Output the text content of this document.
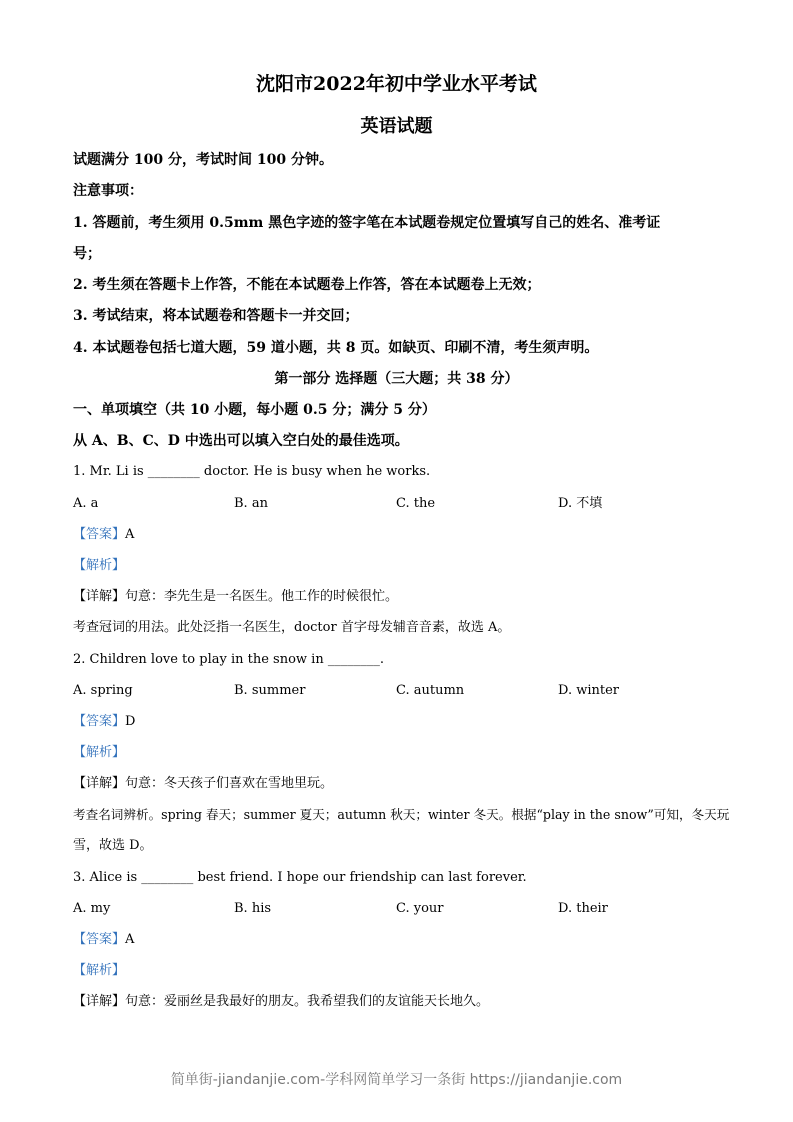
沈阳市2022年初中学业水平考试
英语试题
试题满分 100 分，考试时间 100 分钟。
注意事项：
1. 答题前，考生须用 0.5mm 黑色字迹的签字笔在本试题卷规定位置填写自己的姓名、准考证
号；
2. 考生须在答题卡上作答，不能在本试题卷上作答，答在本试题卷上无效；
3. 考试结束，将本试题卷和答题卡一并交回；
4. 本试题卷包括七道大题，59 道小题，共 8 页。如缺页、印刷不清，考生须声明。
第一部分 选择题（三大题；共 38 分）
一、单项填空（共 10 小题，每小题 0.5 分；满分 5 分）
从 A、B、C、D 中选出可以填入空白处的最佳选项。
1. Mr. Li is ________ doctor. He is busy when he works.
A. a	B. an	C. the	D. 不填
【答案】A
【解析】
【详解】句意：李先生是一名医生。他工作的时候很忙。
考查冠词的用法。此处泛指一名医生，doctor 首字母发辅音音素，故选 A。
2. Children love to play in the snow in ________.
A. spring	B. summer	C. autumn	D. winter
【答案】D
【解析】
【详解】句意：冬天孩子们喜欢在雪地里玩。
考查名词辨析。spring 春天；summer 夏天；autumn 秋天；winter 冬天。根据“play in the snow”可知，冬天玩
雪，故选 D。
3. Alice is ________ best friend. I hope our friendship can last forever.
A. my	B. his	C. your	D. their
【答案】A
【解析】
【详解】句意：爱丽丝是我最好的朋友。我希望我们的友谊能天长地久。
简单街-jiandanjie.com-学科网简单学习一条街 https://jiandanjie.com
